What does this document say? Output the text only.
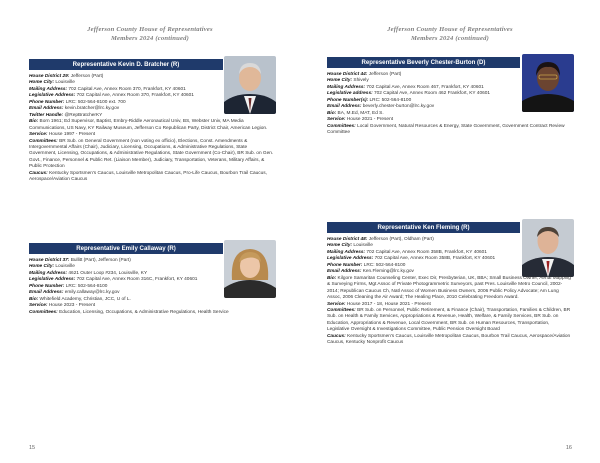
Jefferson County House of Representatives
Members 2024 (continued)
Representative Kevin D. Bratcher (R)

House District 29: Jefferson (Part)

Home City: Louisville

Mailing Address: 702 Capital Ave, Annex Room 370, Frankfort, KY 40601

Legislative Address: 702 Capital Ave, Annex Room 370, Frankfort, KY 40601

Phone Number: LRC: 502-564-8100 ext. 700

Email Address: kevin.bratcher@lrc.ky.gov

Twitter Handle: @RepBratcherKY

Bio: Born 1961; Ed Supervisor, Baptist, Embry-Riddle Aeronautical Univ, BS, Webster Univ, MA Media Communications, US Navy, KY Railway Museum, Jefferson Co Republican Party, District Chair, American Legion.

Service: House 1997 - Present

Committees: BR Sub. on General Government (non voting ex officio), Elections, Const. Amendments & Intergovernmental Affairs (Chair), Judiciary, Licensing, Occupations, & Administrative Regulations, State Government, Licensing, Occupations, & Administrative Regulations, State Government (Co-Chair), BR Sub. on Gen. Govt., Finance, Personnel & Public Ret. (Liaison Member), Judiciary, Transportation, Veterans, Military Affairs, & Public Protection

Caucus: Kentucky Sportsmen's Caucus, Louisville Metropolitan Caucus, Pro-Life Caucus, Bourbon Trail Caucus, Aerospace/Aviation Caucus

Representative Emily Callaway (R)

House District 37: Bullitt (Part), Jefferson (Part)

Home City: Louisville

Mailing Address: 4621 Outer Loop #234, Louisville, KY

Legislative Address: 702 Capital Ave, Annex Room 316C, Frankfort, KY 40601

Phone Number: LRC: 502-564-8100

Email Address: emily.callaway@lrc.ky.gov

Bio: Whitefield Academy, Christian, JCC, U of L.

Service: House 2023 - Present

Committees: Education, Licensing, Occupations, & Administrative Regulations, Health Service

15
Jefferson County House of Representatives
Members 2024 (continued)
Representative Beverly Chester-Burton (D)

House District 44: Jefferson (Part)

Home City: Shively

Mailing Address: 702 Capital Ave, Annex Room 467, Frankfort, KY 40601

Legislative address: 702 Capital Ave, Annex Room 462 Frankfort, KY 40601

Phone Number(s): LRC: 502-564-8100

Email Address: beverly.chester-burton@lrc.ky.gov

Bio: BA, M.Ed, MAT, Ed S.

Service: House 2021 - Present

Committees: Local Government, Natural Resources & Energy, State Government, Government Contract Review Committee

Representative Ken Fleming (R)

House District 48: Jefferson (Part), Oldham (Part)

Home City: Louisville

Mailing Address: 702 Capital Ave, Annex Room 358B, Frankfort, KY 40601

Legislative Address: 702 Capital Ave, Annex Room 358B, Frankfort, KY 40601

Phone Number: LRC: 502-564-8100

Email Address: Ken.Fleming@lrc.ky.gov

Bio: Kilgore Samaritan Counseling Center, Exec Dir, Presbyterian, UK, BBA; Small Business Owner, Aerial Mapping & Surveying Firms, Mgt Assoc of Private Photogrammetric Surveyors, past Pres. Louisville Metro Council, 2002-2014; Republican Caucus Ch, Natl Assoc of Women Business Owners, 2006 Public Policy Advocate; Am Lung Assoc, 2006 Cleaning the Air Award; The Healing Place, 2010 Celebrating Freedom Award.

Service: House 2017 - 18, House 2021 - Present

Committees: BR Sub. on Personnel, Public Retirement, & Finance (Chair), Transportation, Families & Children, BR Sub. on Health & Family Services, Appropriations & Revenue, Health, Welfare, & Family Services, BR Sub. on Education, Appropriations & Revenue, Local Government, BR Sub. on Human Resources, Transportation, Legislative Oversight & Investigations Committee, Public Pension Oversight Board

Caucus: Kentucky Sportsmen's Caucus, Louisville Metropolitan Caucus, Bourbon Trail Caucus, Aerospace/Aviation Caucus, Kentucky Nonprofit Caucus

16
